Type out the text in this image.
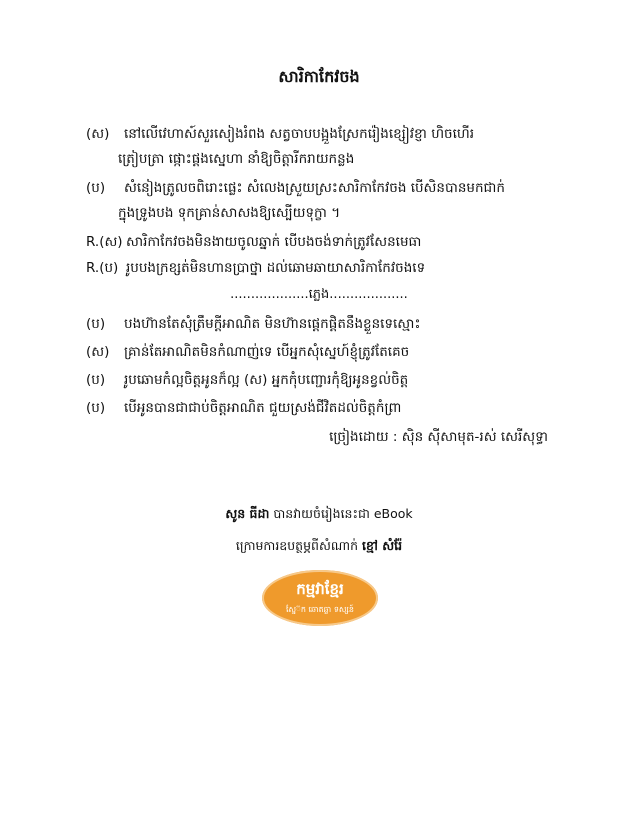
សារិកាកែវចង
(ស) នៅលើវេហាស៍សួរសៀងរំពង សត្វចាបបង្អួងស្រែករ៉ៀងខ្សៀវខ្ញា ហិចហើរ
ត្រៀបត្រា ផ្កោះផ្ដងស្នេហា នាំឱ្យចិត្តារីករាយកន្លង
(ប) សំនៀងត្រូលចពិរោះផ្លេះ សំលេងស្រួយស្រះសារិកាកែវចង បើសិនបានមកជាក់
ក្នុងទ្រូងបង ទុកគ្រាន់សាសងឱ្យស្បើយទុក្ខា ។
R.(ស) សារិកាកែវចងមិនងាយចូលឆ្នាក់ បើបងចង់ទាក់ត្រូវសែនមេធា
R.(ប) រូបបងក្រខ្សត់មិនហានប្រាថ្នា ដល់ឆោមឆាយាសារិកាកែវចងទេ
...................ភ្លេង...................
(ប) បងហ៊ានតែសុំត្រឹមក្ដីអាណិត មិនហ៊ានផ្ដេកផ្ដិតនឹងខ្លួនទេស្មោះ
(ស) គ្រាន់តែអាណិតមិនកំណាញ់ទេ បើអ្នកសុំស្នេហ៍ខ្ញុំត្រូវតែគេច
(ប) រូបឆោមកំល្អចិត្តអូនក៏ល្អ (ស) អ្នកកុំបញ្ជោរកុំឱ្យអូនខ្វល់ចិត្ត
(ប) បើអូនបានជាជាប់ចិត្តអាណិត ជួយស្រង់ជីវិតដល់ចិត្តកំព្រា
ច្រៀងដោយ : ស៊ិន ស៊ីសាមុត-រស់ សេរីសុទ្ធា
សូន ធីដា បានវាយចំរៀងនេះជា eBook
ក្រោមការឧបត្ថម្ភពីសំណាក់ ខ្មៅ សំរ៉ែ
កម្មវាខ្មែរ
ស្នែ៊ក ឆោតឆ្លា ទស្សន៍
